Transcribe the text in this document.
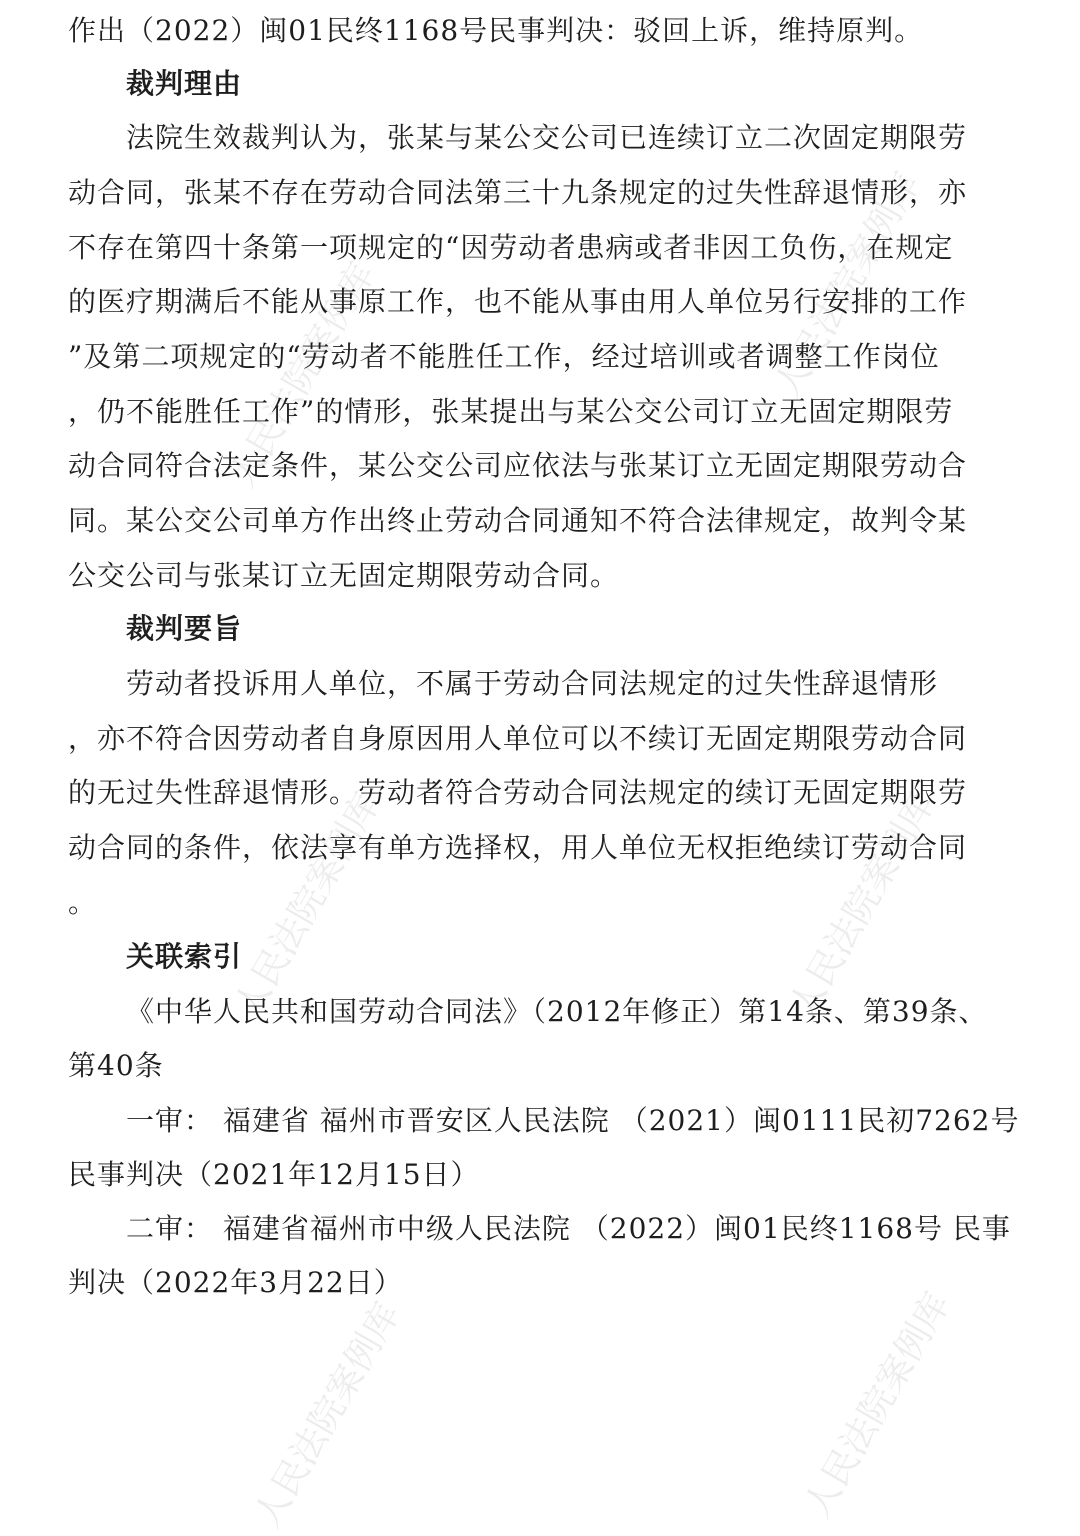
人民法院案例库	人民法院案例库
人民法院案例库	人民法院案例库
人民法院案例库	人民法院案例库
作出（2022）闽01民终1168号民事判决：驳回上诉，维持原判。
裁判理由
法院生效裁判认为，张某与某公交公司已连续订立二次固定期限劳
动合同，张某不存在劳动合同法第三十九条规定的过失性辞退情形，亦
不存在第四十条第一项规定的“因劳动者患病或者非因工负伤，在规定
的医疗期满后不能从事原工作，也不能从事由用人单位另行安排的工作
”及第二项规定的“劳动者不能胜任工作，经过培训或者调整工作岗位
，仍不能胜任工作”的情形，张某提出与某公交公司订立无固定期限劳
动合同符合法定条件，某公交公司应依法与张某订立无固定期限劳动合
同。某公交公司单方作出终止劳动合同通知不符合法律规定，故判令某
公交公司与张某订立无固定期限劳动合同。
裁判要旨
劳动者投诉用人单位，不属于劳动合同法规定的过失性辞退情形
，亦不符合因劳动者自身原因用人单位可以不续订无固定期限劳动合同
的无过失性辞退情形。劳动者符合劳动合同法规定的续订无固定期限劳
动合同的条件，依法享有单方选择权，用人单位无权拒绝续订劳动合同
。
关联索引
《中华人民共和国劳动合同法》（2012年修正）第14条、第39条、
第40条
一审： 福建省 福州市晋安区人民法院 （2021）闽0111民初7262号
民事判决（2021年12月15日）
二审： 福建省福州市中级人民法院 （2022）闽01民终1168号 民事
判决（2022年3月22日）
